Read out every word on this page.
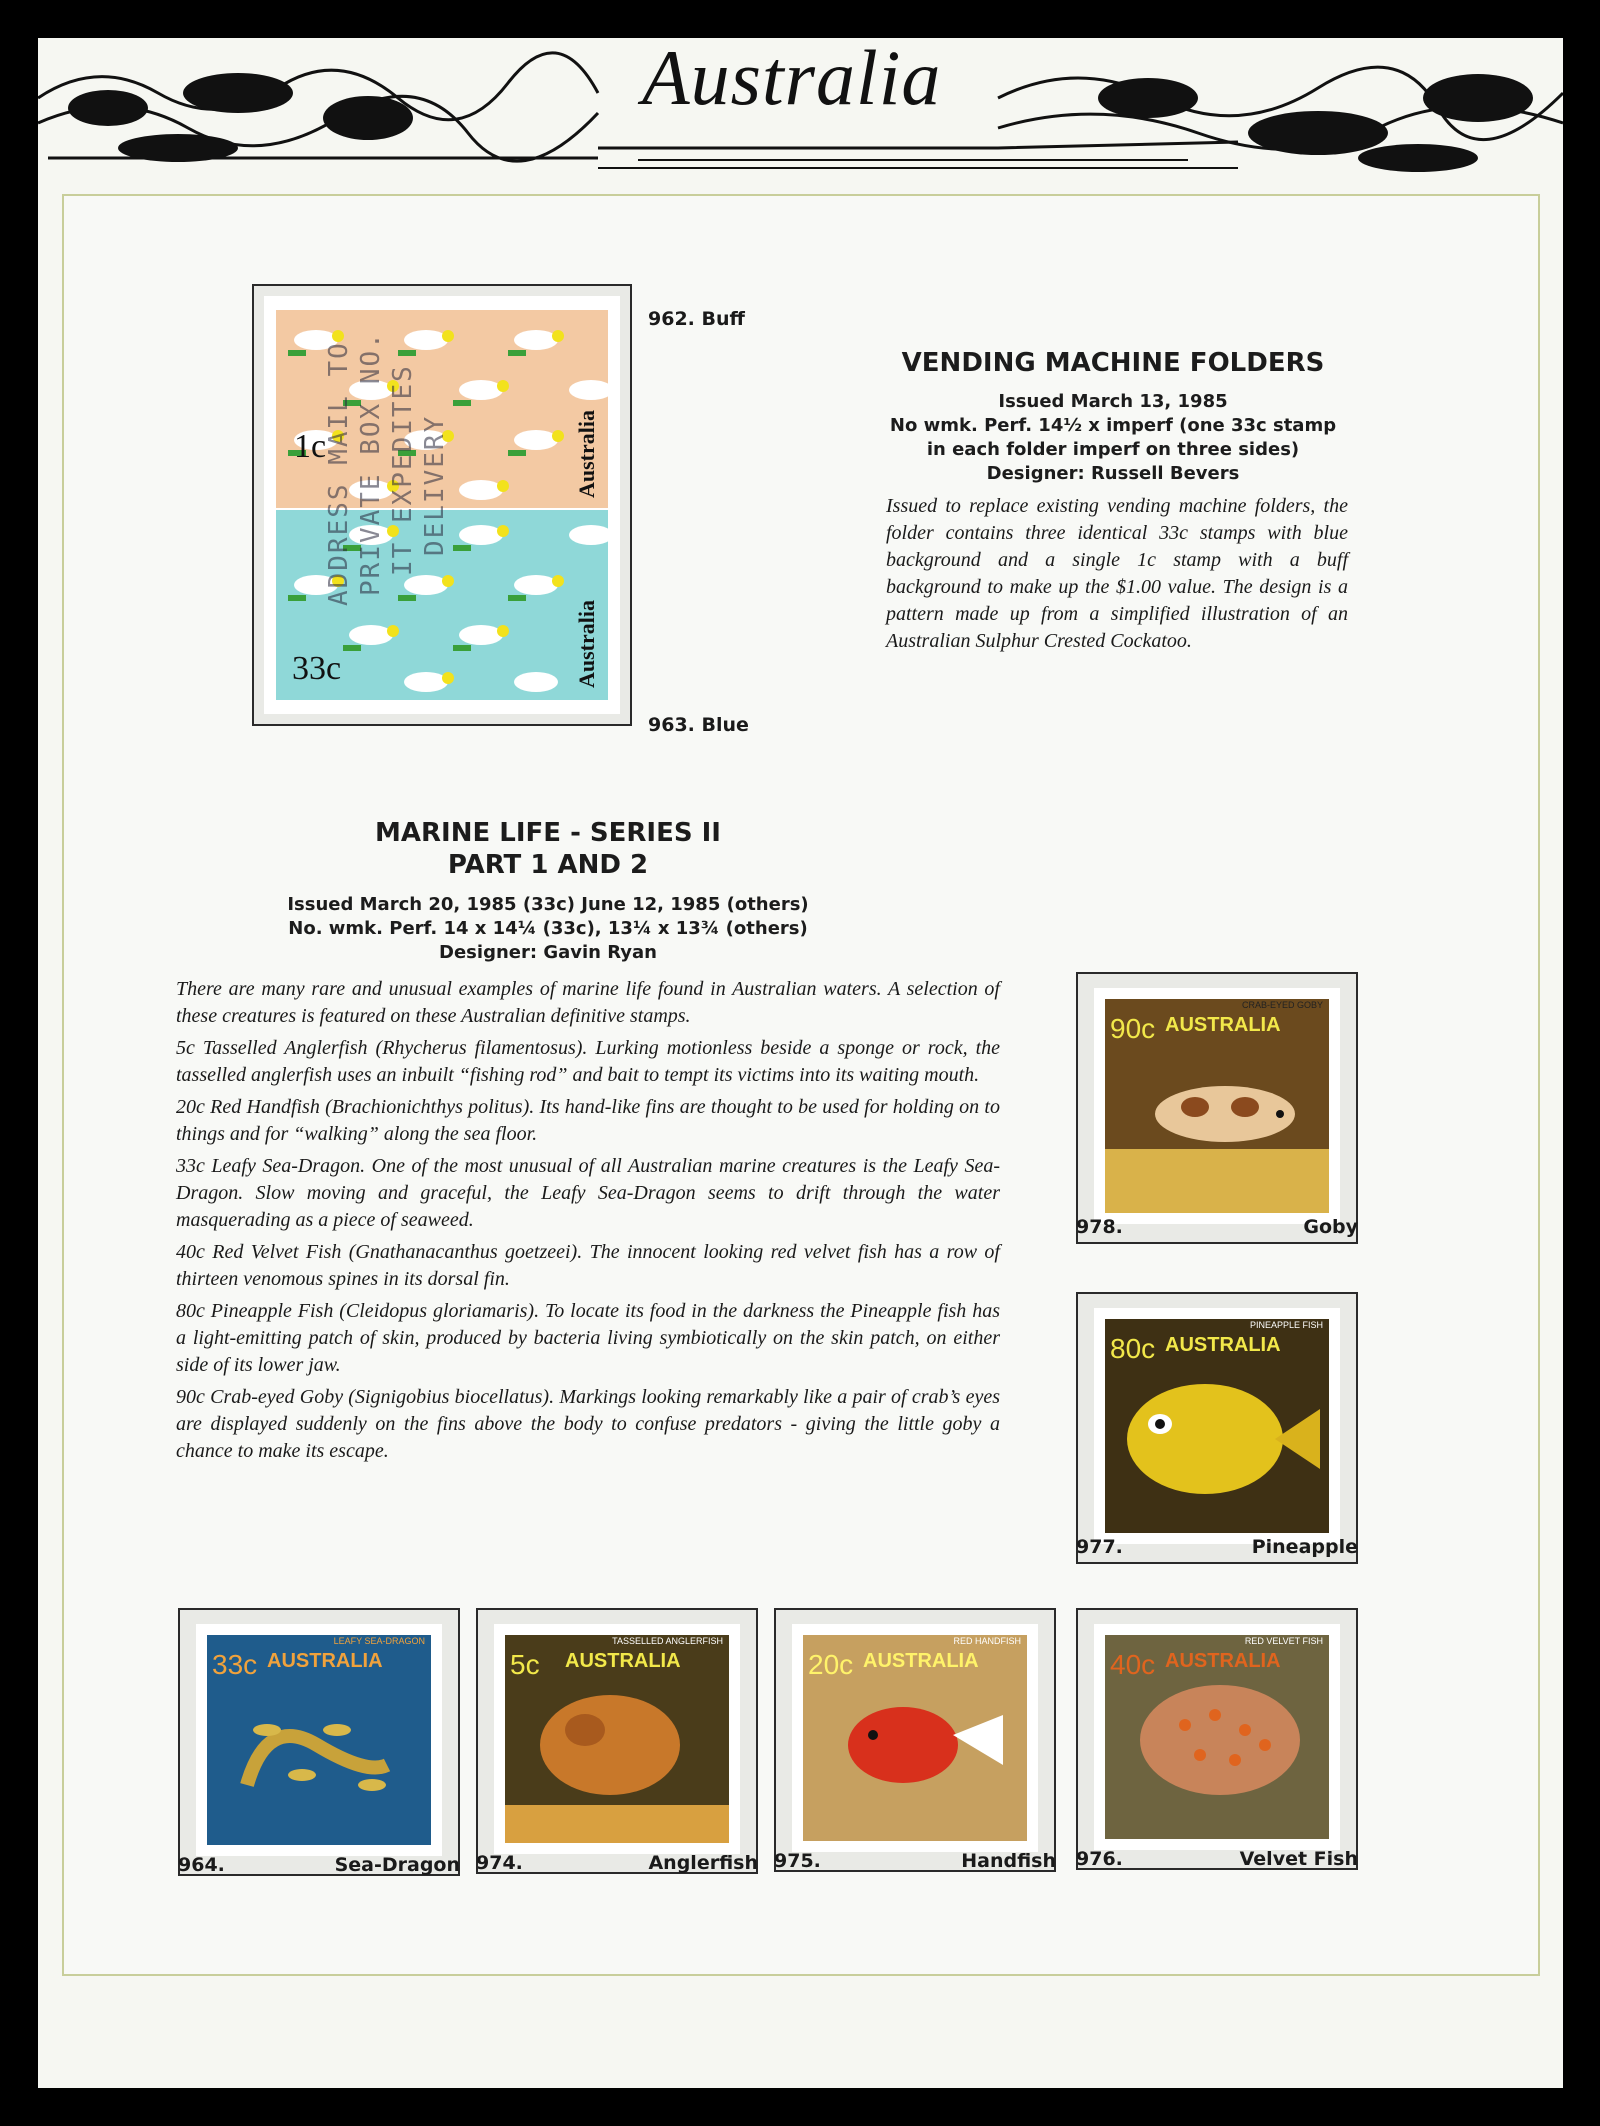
Australia
1c	Australia
33c	Australia
ADDRESS MAIL TO PRIVATE BOX NO. IT EXPEDITES DELIVERY
962. Buff
963. Blue
VENDING MACHINE FOLDERS
Issued March 13, 1985
No wmk. Perf. 14½ x imperf (one 33c stamp
in each folder imperf on three sides)
Designer: Russell Bevers
Issued to replace existing vending machine folders, the folder contains three identical 33c stamps with blue background and a single 1c stamp with a buff background to make up the $1.00 value. The design is a pattern made up from a simplified illustration of an Australian Sulphur Crested Cockatoo.
MARINE LIFE - SERIES II
PART 1 AND 2
Issued March 20, 1985 (33c) June 12, 1985 (others)
No. wmk. Perf. 14 x 14¼ (33c), 13¼ x 13¾ (others)
Designer: Gavin Ryan

There are many rare and unusual examples of marine life found in Australian waters. A selection of these creatures is featured on these Australian definitive stamps.

5c Tasselled Anglerfish (Rhycherus filamentosus). Lurking motionless beside a sponge or rock, the tasselled anglerfish uses an inbuilt “fishing rod” and bait to tempt its victims into its waiting mouth.

20c Red Handfish (Brachionichthys politus). Its hand-like fins are thought to be used for holding on to things and for “walking” along the sea floor.

33c Leafy Sea-Dragon. One of the most unusual of all Australian marine creatures is the Leafy Sea-Dragon. Slow moving and graceful, the Leafy Sea-Dragon seems to drift through the water masquerading as a piece of seaweed.

40c Red Velvet Fish (Gnathanacanthus goetzeei). The innocent looking red velvet fish has a row of thirteen venomous spines in its dorsal fin.

80c Pineapple Fish (Cleidopus gloriamaris). To locate its food in the darkness the Pineapple fish has a light-emitting patch of skin, produced by bacteria living symbiotically on the skin patch, on either side of its lower jaw.

90c Crab-eyed Goby (Signigobius biocellatus). Markings looking remarkably like a pair of crab’s eyes are displayed suddenly on the fins above the body to confuse predators - giving the little goby a chance to make its escape.

CRAB-EYED GOBY
90c AUSTRALIA
978.	Goby
PINEAPPLE FISH
80c AUSTRALIA
977.	Pineapple
LEAFY SEA-DRAGON
33c AUSTRALIA
964.	Sea-Dragon
TASSELLED ANGLERFISH
5c AUSTRALIA
974.	Anglerfish
RED HANDFISH
20c AUSTRALIA
975.	Handfish
RED VELVET FISH
40c AUSTRALIA
976.	Velvet Fish
